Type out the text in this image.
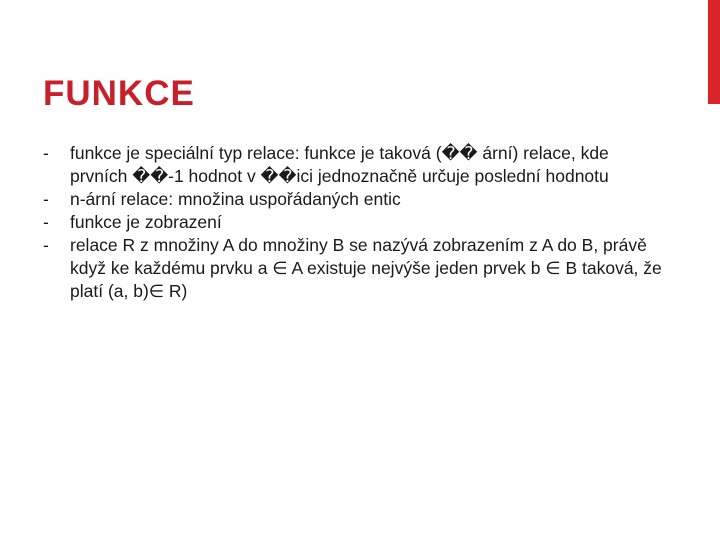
FUNKCE
- funkce je speciální typ relace: funkce je taková (�� ární) relace, kde prvních ��-1 hodnot v ��ici jednoznačně určuje poslední hodnotu
- n-ární relace: množina uspořádaných entic
- funkce je zobrazení
- relace R z množiny A do množiny B se nazývá zobrazením z A do B, právě když ke každému prvku a ∈ A existuje nejvýše jeden prvek b ∈ B taková, že platí (a, b)∈ R)
